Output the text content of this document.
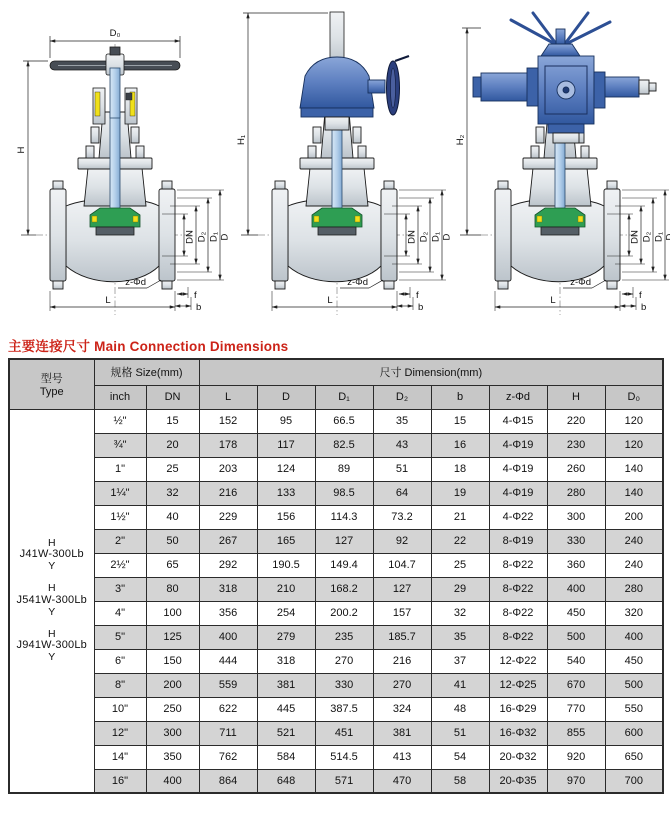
D₀
H
H₁	H₂
主要连接尺寸 Main Connection Dimensions
型号
Type	规格 Size(mm)		尺寸 Dimension(mm)							
	inch	DN	L	D	D₁	D₂	b	z-Φd	H	D₀

H
J41W-300Lb
Y
H
J541W-300Lb
Y
H
J941W-300Lb
Y
	½"	15	152	95	66.5	35	15	4-Φ15	220	120
	¾"	20	178	117	82.5	43	16	4-Φ19	230	120
	1"	25	203	124	89	51	18	4-Φ19	260	140
	1¼"	32	216	133	98.5	64	19	4-Φ19	280	140
	1½"	40	229	156	114.3	73.2	21	4-Φ22	300	200
	2"	50	267	165	127	92	22	8-Φ19	330	240
	2½"	65	292	190.5	149.4	104.7	25	8-Φ22	360	240
	3"	80	318	210	168.2	127	29	8-Φ22	400	280
	4"	100	356	254	200.2	157	32	8-Φ22	450	320
	5"	125	400	279	235	185.7	35	8-Φ22	500	400
	6"	150	444	318	270	216	37	12-Φ22	540	450
	8"	200	559	381	330	270	41	12-Φ25	670	500
	10"	250	622	445	387.5	324	48	16-Φ29	770	550
	12"	300	711	521	451	381	51	16-Φ32	855	600
	14"	350	762	584	514.5	413	54	20-Φ32	920	650
	16"	400	864	648	571	470	58	20-Φ35	970	700
